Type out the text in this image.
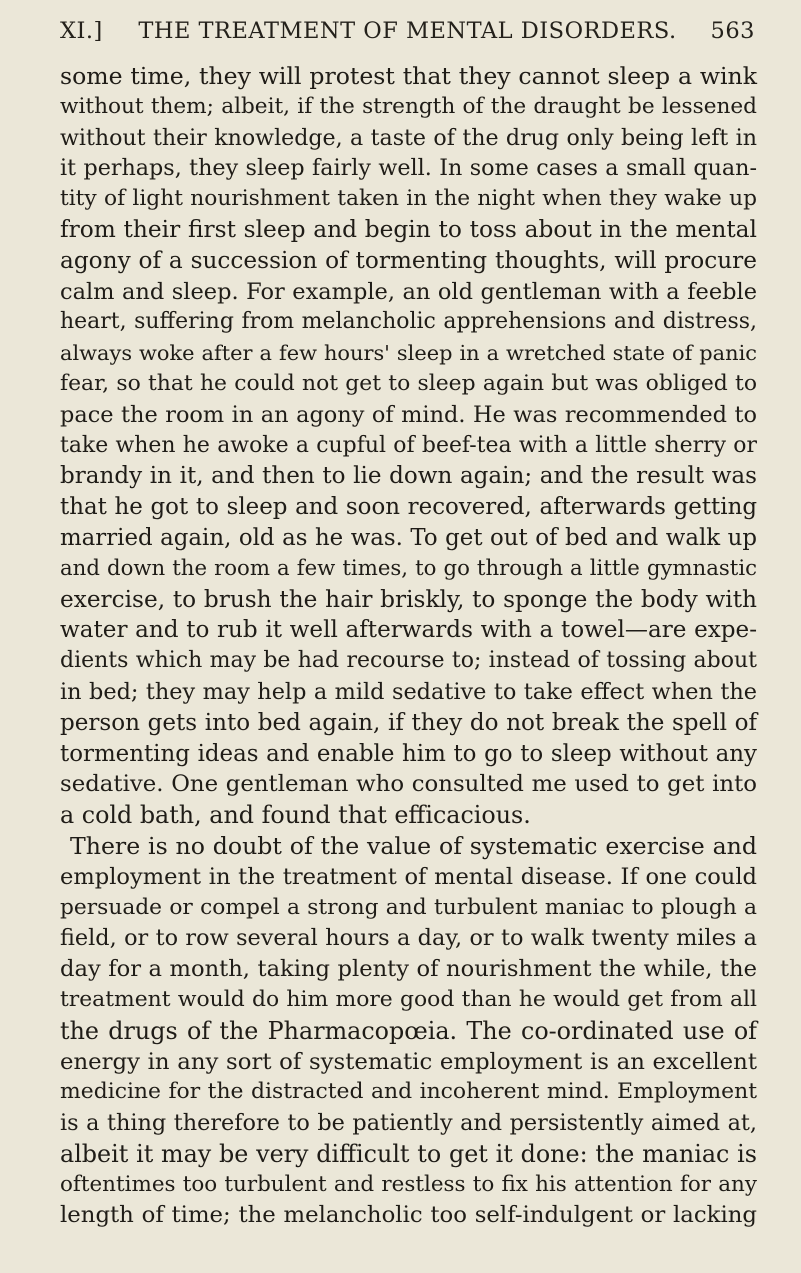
XI.]	THE TREATMENT OF MENTAL DISORDERS.	563
some time, they will protest that they cannot sleep a wink
without them; albeit, if the strength of the draught be lessened
without their knowledge, a taste of the drug only being left in
it perhaps, they sleep fairly well. In some cases a small quan-
tity of light nourishment taken in the night when they wake up
from their first sleep and begin to toss about in the mental
agony of a succession of tormenting thoughts, will procure
calm and sleep. For example, an old gentleman with a feeble
heart, suffering from melancholic apprehensions and distress,
always woke after a few hours' sleep in a wretched state of panic
fear, so that he could not get to sleep again but was obliged to
pace the room in an agony of mind. He was recommended to
take when he awoke a cupful of beef-tea with a little sherry or
brandy in it, and then to lie down again; and the result was
that he got to sleep and soon recovered, afterwards getting
married again, old as he was. To get out of bed and walk up
and down the room a few times, to go through a little gymnastic
exercise, to brush the hair briskly, to sponge the body with
water and to rub it well afterwards with a towel—are expe-
dients which may be had recourse to; instead of tossing about
in bed; they may help a mild sedative to take effect when the
person gets into bed again, if they do not break the spell of
tormenting ideas and enable him to go to sleep without any
sedative. One gentleman who consulted me used to get into
a cold bath, and found that efficacious.
There is no doubt of the value of systematic exercise and
employment in the treatment of mental disease. If one could
persuade or compel a strong and turbulent maniac to plough a
field, or to row several hours a day, or to walk twenty miles a
day for a month, taking plenty of nourishment the while, the
treatment would do him more good than he would get from all
the drugs of the Pharmacopœia. The co-ordinated use of
energy in any sort of systematic employment is an excellent
medicine for the distracted and incoherent mind. Employment
is a thing therefore to be patiently and persistently aimed at,
albeit it may be very difficult to get it done: the maniac is
oftentimes too turbulent and restless to fix his attention for any
length of time; the melancholic too self-indulgent or lacking
